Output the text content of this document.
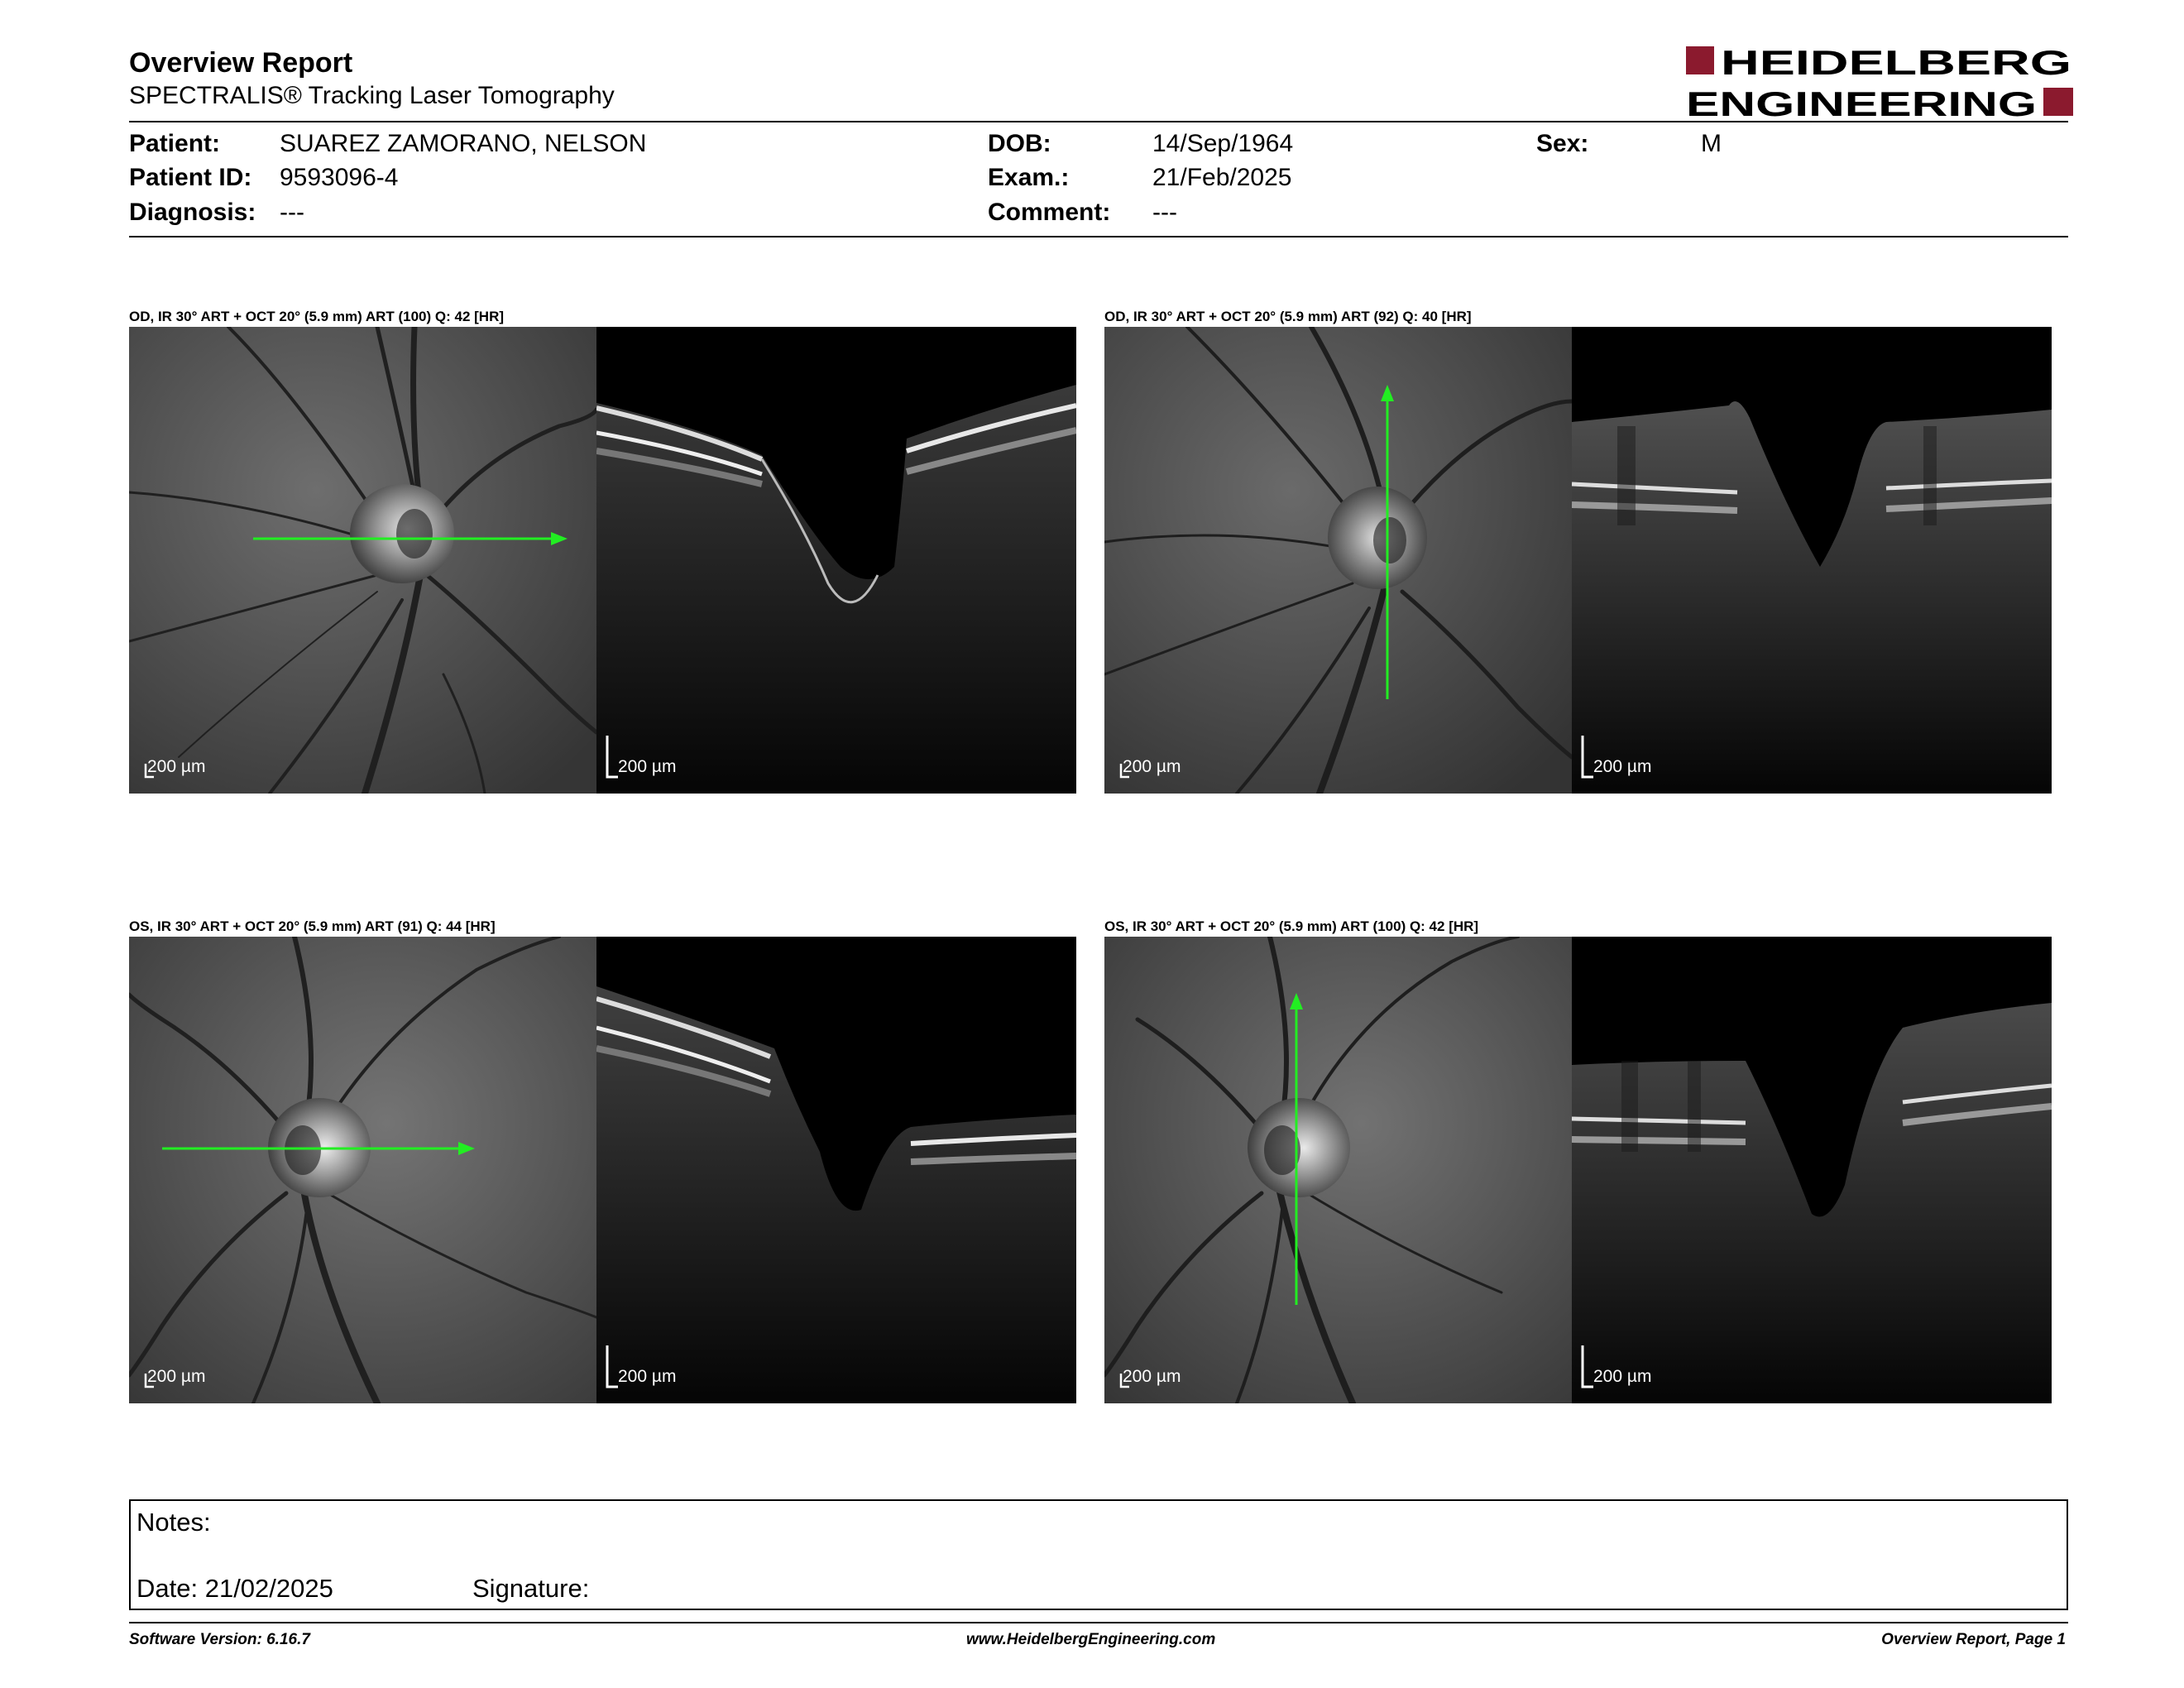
Overview Report
SPECTRALIS® Tracking Laser Tomography
HEIDELBERG
ENGINEERING
Patient: SUAREZ ZAMORANO, NELSON
Patient ID: 9593096-4
Diagnosis: ---
DOB:	14/Sep/1964
Exam.:	21/Feb/2025
Comment: ---
Sex:	M
OD, IR 30° ART + OCT 20° (5.9 mm) ART (100) Q: 42 [HR]
200 µm	200 µm
OD, IR 30° ART + OCT 20° (5.9 mm) ART (92) Q: 40 [HR]
200 µm	200 µm
OS, IR 30° ART + OCT 20° (5.9 mm) ART (91) Q: 44 [HR]
200 µm	200 µm
OS, IR 30° ART + OCT 20° (5.9 mm) ART (100) Q: 42 [HR]
200 µm	200 µm
Notes:
Date: 21/02/2025	Signature:
Software Version: 6.16.7	www.HeidelbergEngineering.com	Overview Report, Page 1
